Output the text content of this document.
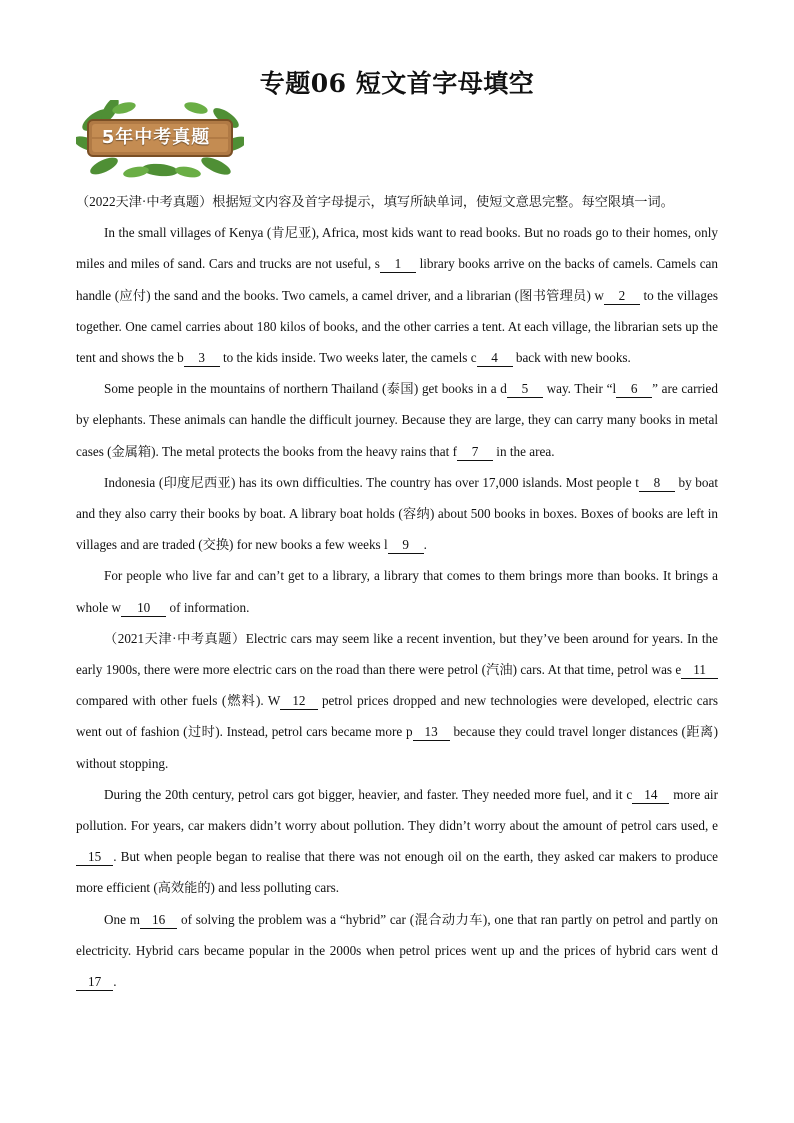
专题06 短文首字母填空
5年中考真题

（2022天津·中考真题）根据短文内容及首字母提示，填写所缺单词，使短文意思完整。每空限填一词。

In the small villages of Kenya (肯尼亚), Africa, most kids want to read books. But no roads go to their homes, only miles and miles of sand. Cars and trucks are not useful, s 1 library books arrive on the backs of camels. Camels can handle (应付) the sand and the books. Two camels, a camel driver, and a librarian (图书管理员) w 2 to the villages together. One camel carries about 180 kilos of books, and the other carries a tent. At each village, the librarian sets up the tent and shows the b 3 to the kids inside. Two weeks later, the camels c 4 back with new books.

Some people in the mountains of northern Thailand (泰国) get books in a d 5 way. Their “l 6 ” are carried by elephants. These animals can handle the difficult journey. Because they are large, they can carry many books in metal cases (金属箱). The metal protects the books from the heavy rains that f 7 in the area.

Indonesia (印度尼西亚) has its own difficulties. The country has over 17,000 islands. Most people t 8 by boat and they also carry their books by boat. A library boat holds (容纳) about 500 books in boxes. Boxes of books are left in villages and are traded (交换) for new books a few weeks l 9 .

For people who live far and can’t get to a library, a library that comes to them brings more than books. It brings a whole w 10 of information.

（2021天津·中考真题）Electric cars may seem like a recent invention, but they’ve been around for years. In the early 1900s, there were more electric cars on the road than there were petrol (汽油) cars. At that time, petrol was e 11 compared with other fuels (燃料). W 12 petrol prices dropped and new technologies were developed, electric cars went out of fashion (过时). Instead, petrol cars became more p 13 because they could travel longer distances (距离) without stopping.

During the 20th century, petrol cars got bigger, heavier, and faster. They needed more fuel, and it c 14 more air pollution. For years, car makers didn’t worry about pollution. They didn’t worry about the amount of petrol cars used, e15 . But when people began to realise that there was not enough oil on the earth, they asked car makers to produce more efficient (高效能的) and less polluting cars.

One m 16 of solving the problem was a “hybrid” car (混合动力车), one that ran partly on petrol and partly on electricity. Hybrid cars became popular in the 2000s when petrol prices went up and the prices of hybrid cars went d17 .
